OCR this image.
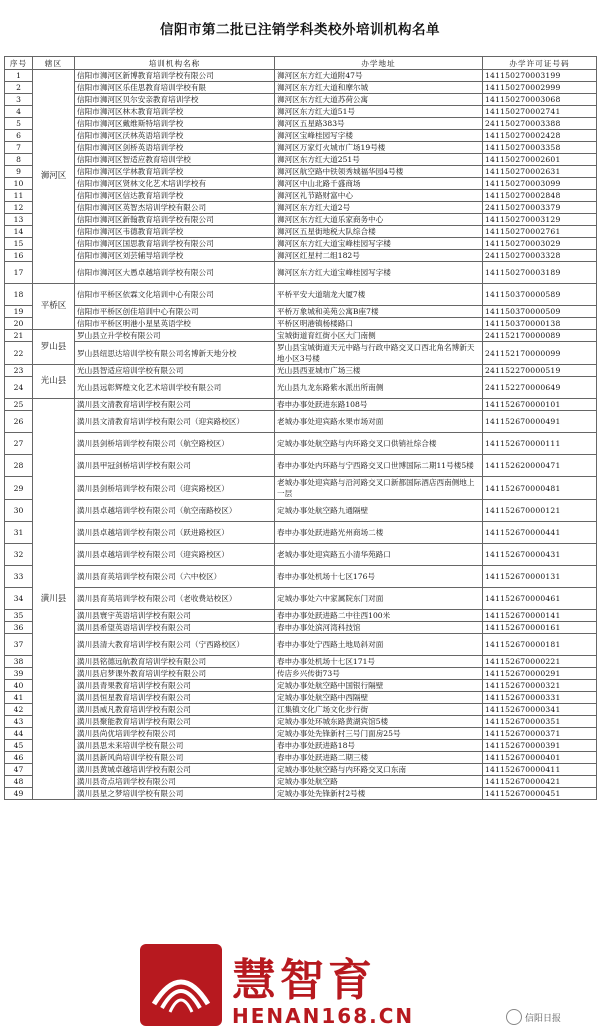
信阳市第二批已注销学科类校外培训机构名单
序号	辖区	培训机构名称	办学地址	办学许可证号码
1	浉河区	信阳市浉河区新博教育培训学校有限公司	浉河区东方红大道附47号	141150270003199
2		信阳市浉河区乐佳思教育培训学校有限	浉河区东方红大道和摩尔城	141150270002999
3		信阳市浉河区贝尔安亲教育培训学校	浉河区东方红大道苏荷公寓	141150270003068
4		信阳市浉河区林木教育培训学校	浉河区东方红大道51号	141150270002741
5		信阳市浉河区戴维斯特培训学校	浉河区五星路383号	241150270003388
6		信阳市浉河区沃林英语培训学校	浉河区宝峰桂园写字楼	141150270002428
7		信阳市浉河区剑桥英语培训学校	浉河区万家灯火城市广场19号楼	141150270003358
8		信阳市浉河区智适应教育培训学校	浉河区东方红大道251号	141150270002601
9		信阳市浉河区学林教育培训学校	浉河区航空路中铁领秀城福华园4号楼	141150270002631
10		信阳市浉河区贤林文化艺术培训学校有	浉河区中山北路千盛商场	141150270003099
11		信阳市浉河区信达教育培训学校	浉河区礼节路财富中心	141150270002848
12		信阳市浉河区英智杰培训学校有限公司	浉河区东方红大道2号	241150270003379
13		信阳市浉河区新翰教育培训学校有限公司	浉河区东方红大道乐家商务中心	141150270003129
14		信阳市浉河区韦德教育培训学校	浉河区五星街地税大队综合楼	141150270002761
15		信阳市浉河区国思教育培训学校有限公司	浉河区东方红大道宝峰桂园写字楼	141150270003029
16		信阳市浉河区刘芸辅导培训学校	浉河区红星村二组182号	241150270003328
17		信阳市浉河区大愚卓越培训学校有限公司	浉河区东方红大道宝峰桂园写字楼	141150270003189
18	平桥区	信阳市平桥区依霖文化培训中心有限公司	平桥平安大道瑞龙大厦7楼	141150370000589
19		信阳市平桥区创佳培训中心有限公司	平桥万象城和美苑公寓B座7楼	141150370000509
20		信阳市平桥区明港小星星英语学校	平桥区明港镇杨楼路口	141150370000138
21	罗山县	罗山县立升学校有限公司	宝城街道育红街小区大门南侧	241152170000089
22		罗山县纽思达培训学校有限公司名博新天地分校	罗山县宝城街道天元中路与行政中路交叉口西北角名博新天地小区3号楼	241152170000099
23	光山县	光山县智适应培训学校有限公司	光山县西亚城市广场三楼	241152270000519
24		光山县远彰辉煌文化艺术培训学校有限公司	光山县九龙东路紫水派出所南侧	241152270000649
25	潢川县	潢川县文清教育培训学校有限公司	春申办事处跃进东路108号	141152670000101
26		潢川县文清教育培训学校有限公司（迎宾路校区）	老城办事处迎宾路水果市场对面	141152670000491
27		潢川县剑桥培训学校有限公司（航空路校区）	定城办事处航空路与内环路交叉口供销社综合楼	141152670000111
28		潢川县甲冠剑桥培训学校有限公司	春申办事处内环路与宁西路交叉口世博国际二期11号楼5楼	141152620000471
29		潢川县剑桥培训学校有限公司（迎宾路校区）	老城办事处迎宾路与沿河路交叉口新都国际酒店西南侧地上一层	141152670000481
30		潢川县卓越培训学校有限公司（航空南路校区）	定城办事处航空路九通隔壁	141152670000121
31		潢川县卓越培训学校有限公司（跃进路校区）	春申办事处跃进路光州商场二楼	141152670000441
32		潢川县卓越培训学校有限公司（迎宾路校区）	老城办事处迎宾路五小清华苑路口	141152670000431
33		潢川县育英培训学校有限公司（六中校区）	春申办事处机场十七区176号	141152670000131
34		潢川县育英培训学校有限公司（老收费站校区）	定城办事处六中家属院东门对面	141152670000461
35		潢川县寰宇英语培训学校有限公司	春申办事处跃进路二中往西100米	141152670000141
36		潢川县希望英语培训学校有限公司	春申办事处滨河湾科技馆	141152670000161
37		潢川县清大教育培训学校有限公司（宁西路校区）	春申办事处宁西路土地局斜对面	141152670000181
38		潢川县铭德远航教育培训学校有限公司	春申办事处机场十七区171号	141152670000221
39		潢川县启梦课外教育培训学校有限公司	传店乡兴传街73号	141152670000291
40		潢川县青果教育培训学校有限公司	定城办事处航空路中国银行隔壁	141152670000321
41		潢川县恒星教育培训学校有限公司	定城办事处航空路中西隔壁	141152670000331
42		潢川县威凡教育培训学校有限公司	江集镇文化广场文化步行街	141152670000341
43		潢川县聚能教育培训学校有限公司	定城办事处环城东路黄湖宾馆5楼	141152670000351
44		潢川县尚优培训学校有限公司	定城办事处先锋新村三号门面房25号	141152670000371
45		潢川县思未来培训学校有限公司	春申办事处跃进路18号	141152670000391
46		潢川县新风尚培训学校有限公司	春申办事处跃进路二期三楼	141152670000401
47		潢川县黄城卓越培训学校有限公司	定城办事处航空路与内环路交叉口东南	141152670000411
48		潢川县奇点培训学校有限公司	定城办事处航空路	141152670000421
49		潢川县星之梦培训学校有限公司	定城办事处先锋新村2号楼	141152670000451
慧智育
HENAN168.CN	信阳日报
